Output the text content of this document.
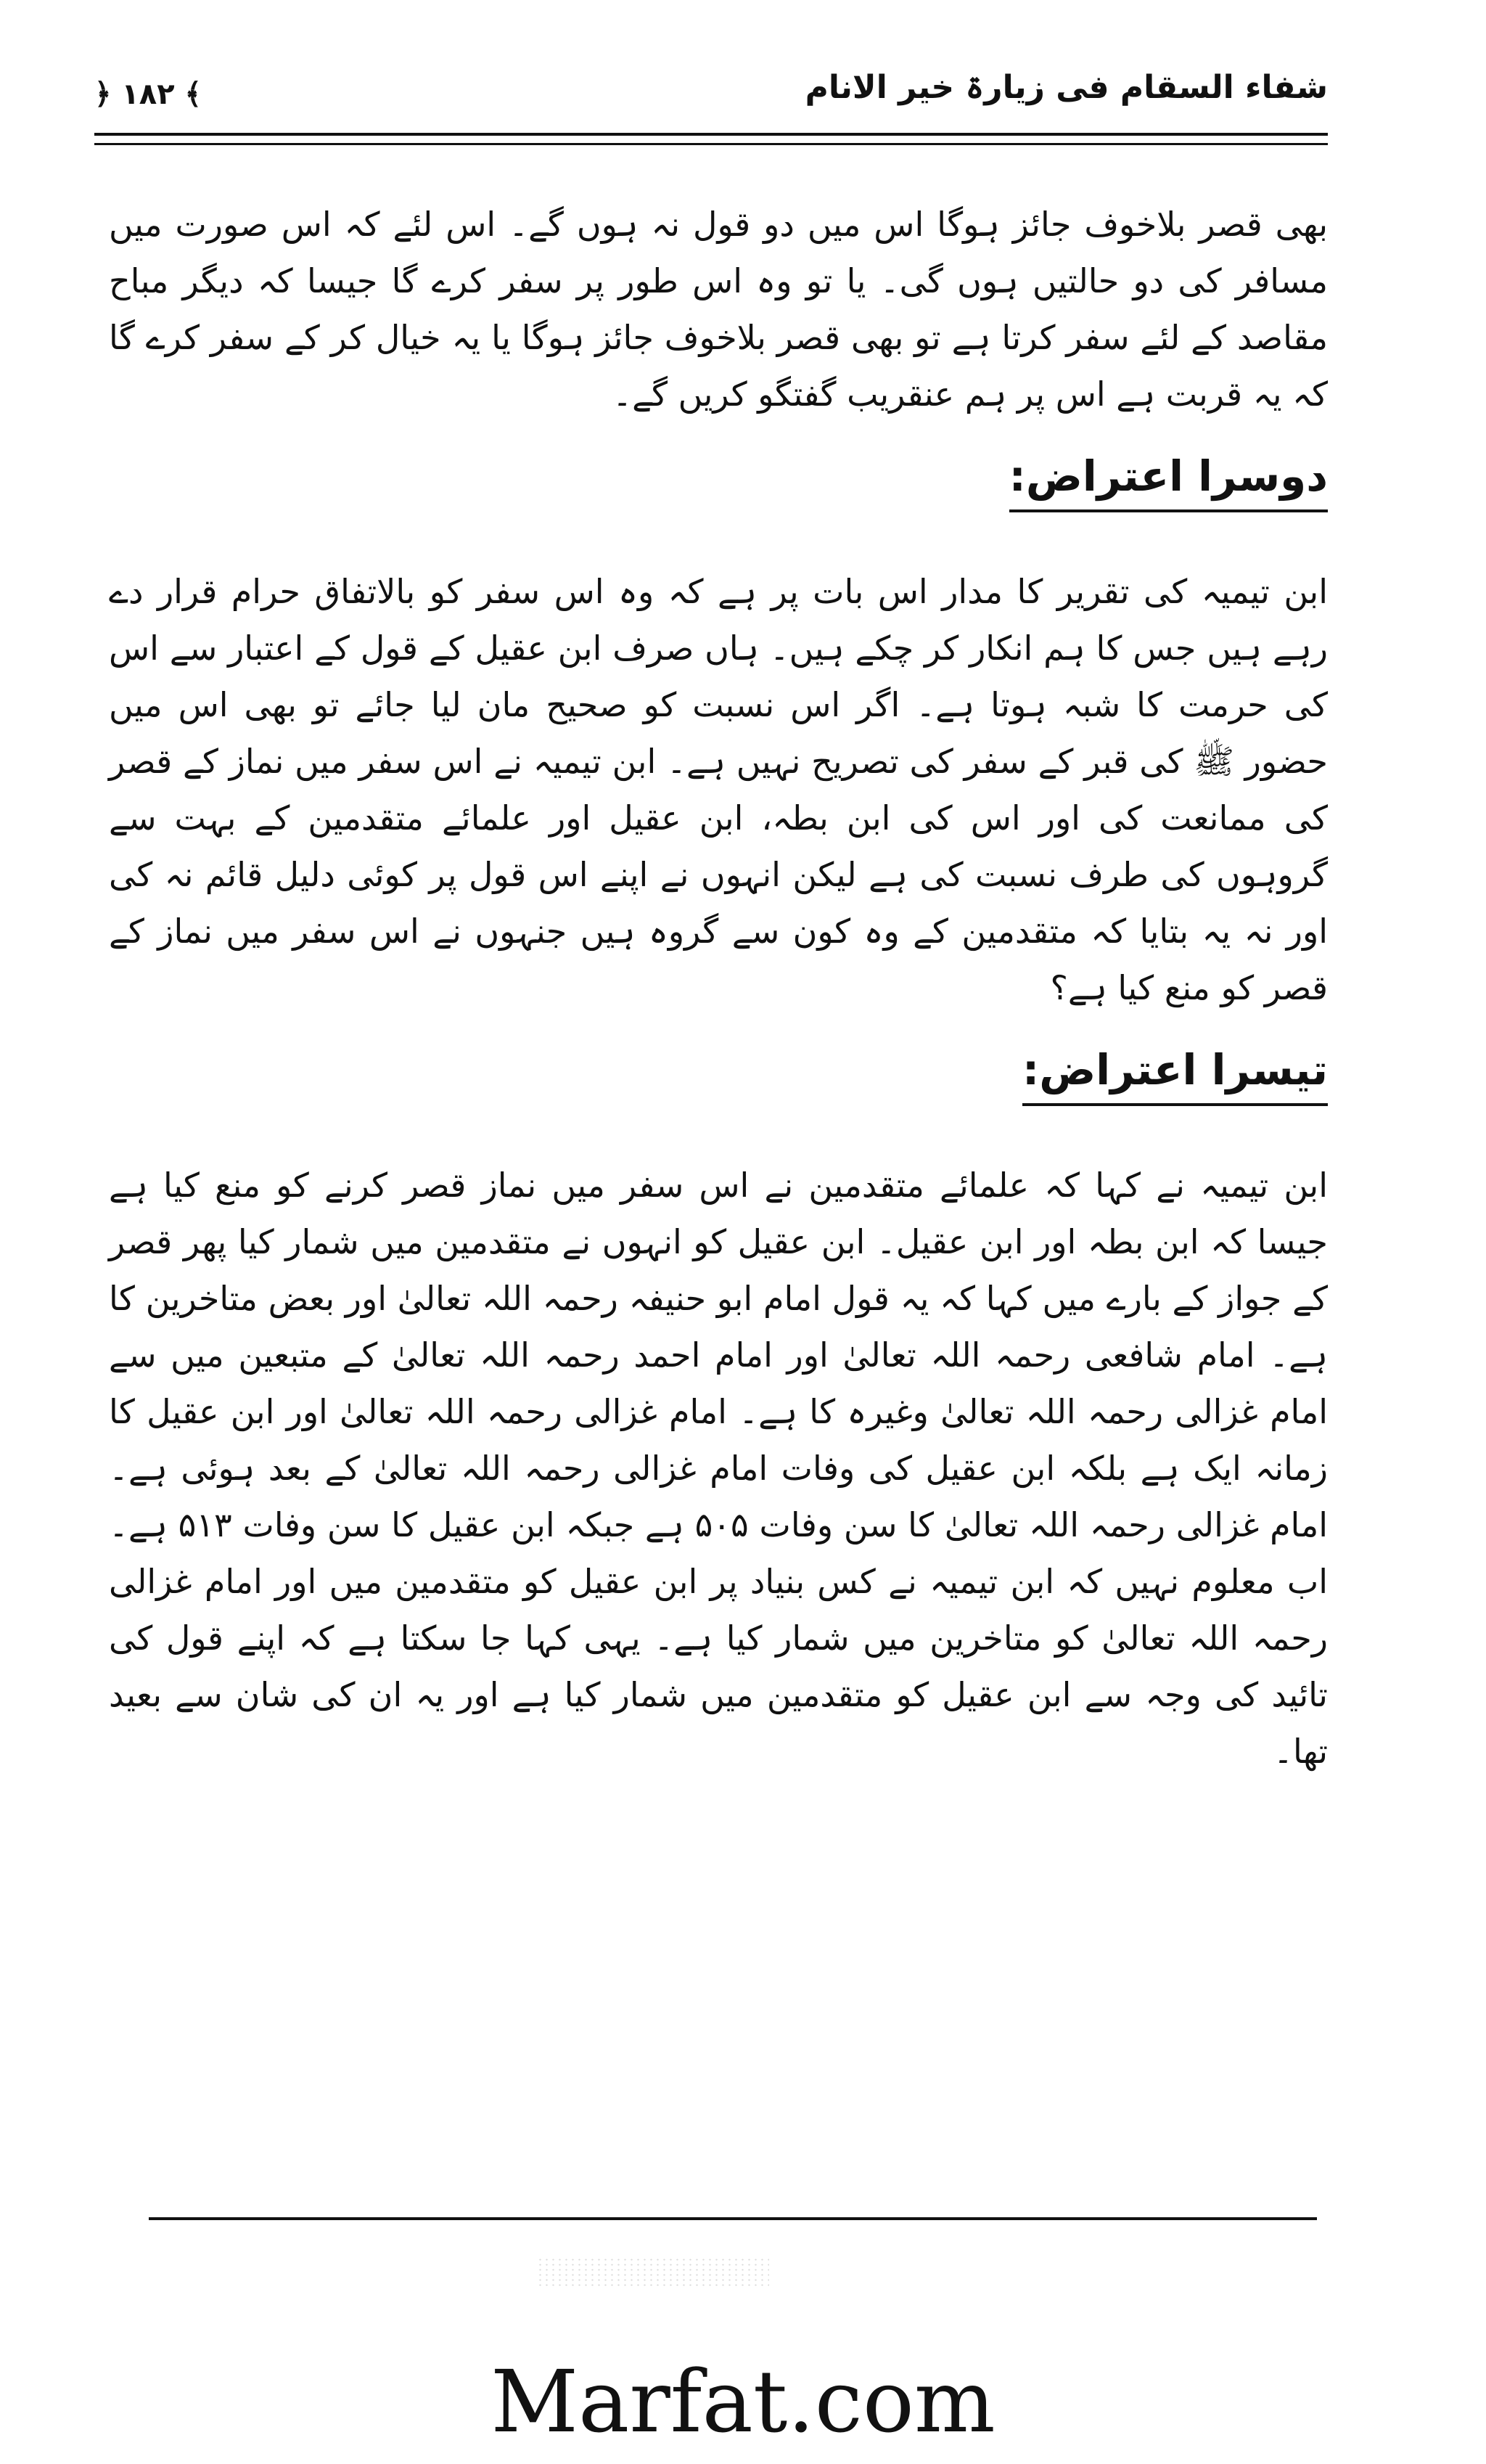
شفاء السقام فی زیارۃ خیر الانام
﴿ ۱۸۲ ﴾

بھی قصر بلاخوف جائز ہوگا اس میں دو قول نہ ہوں گے۔ اس لئے کہ اس صورت میں مسافر کی دو حالتیں ہوں گی۔ یا تو وہ اس طور پر سفر کرے گا جیسا کہ دیگر مباح مقاصد کے لئے سفر کرتا ہے تو بھی قصر بلاخوف جائز ہوگا یا یہ خیال کر کے سفر کرے گا کہ یہ قربت ہے اس پر ہم عنقریب گفتگو کریں گے۔

دوسرا اعتراض:

ابن تیمیہ کی تقریر کا مدار اس بات پر ہے کہ وہ اس سفر کو بالاتفاق حرام قرار دے رہے ہیں جس کا ہم انکار کر چکے ہیں۔ ہاں صرف ابن عقیل کے قول کے اعتبار سے اس کی حرمت کا شبہ ہوتا ہے۔ اگر اس نسبت کو صحیح مان لیا جائے تو بھی اس میں حضور ﷺ کی قبر کے سفر کی تصریح نہیں ہے۔ ابن تیمیہ نے اس سفر میں نماز کے قصر کی ممانعت کی اور اس کی ابن بطہ، ابن عقیل اور علمائے متقدمین کے بہت سے گروہوں کی طرف نسبت کی ہے لیکن انہوں نے اپنے اس قول پر کوئی دلیل قائم نہ کی اور نہ یہ بتایا کہ متقدمین کے وہ کون سے گروہ ہیں جنہوں نے اس سفر میں نماز کے قصر کو منع کیا ہے؟

تیسرا اعتراض:

ابن تیمیہ نے کہا کہ علمائے متقدمین نے اس سفر میں نماز قصر کرنے کو منع کیا ہے جیسا کہ ابن بطہ اور ابن عقیل۔ ابن عقیل کو انہوں نے متقدمین میں شمار کیا پھر قصر کے جواز کے بارے میں کہا کہ یہ قول امام ابو حنیفہ رحمہ اللہ تعالیٰ اور بعض متاخرین کا ہے۔ امام شافعی رحمہ اللہ تعالیٰ اور امام احمد رحمہ اللہ تعالیٰ کے متبعین میں سے امام غزالی رحمہ اللہ تعالیٰ وغیرہ کا ہے۔ امام غزالی رحمہ اللہ تعالیٰ اور ابن عقیل کا زمانہ ایک ہے بلکہ ابن عقیل کی وفات امام غزالی رحمہ اللہ تعالیٰ کے بعد ہوئی ہے۔ امام غزالی رحمہ اللہ تعالیٰ کا سن وفات ۵۰۵ ہے جبکہ ابن عقیل کا سن وفات ۵۱۳ ہے۔ اب معلوم نہیں کہ ابن تیمیہ نے کس بنیاد پر ابن عقیل کو متقدمین میں اور امام غزالی رحمہ اللہ تعالیٰ کو متاخرین میں شمار کیا ہے۔ یہی کہا جا سکتا ہے کہ اپنے قول کی تائید کی وجہ سے ابن عقیل کو متقدمین میں شمار کیا ہے اور یہ ان کی شان سے بعید تھا۔

Marfat.com
